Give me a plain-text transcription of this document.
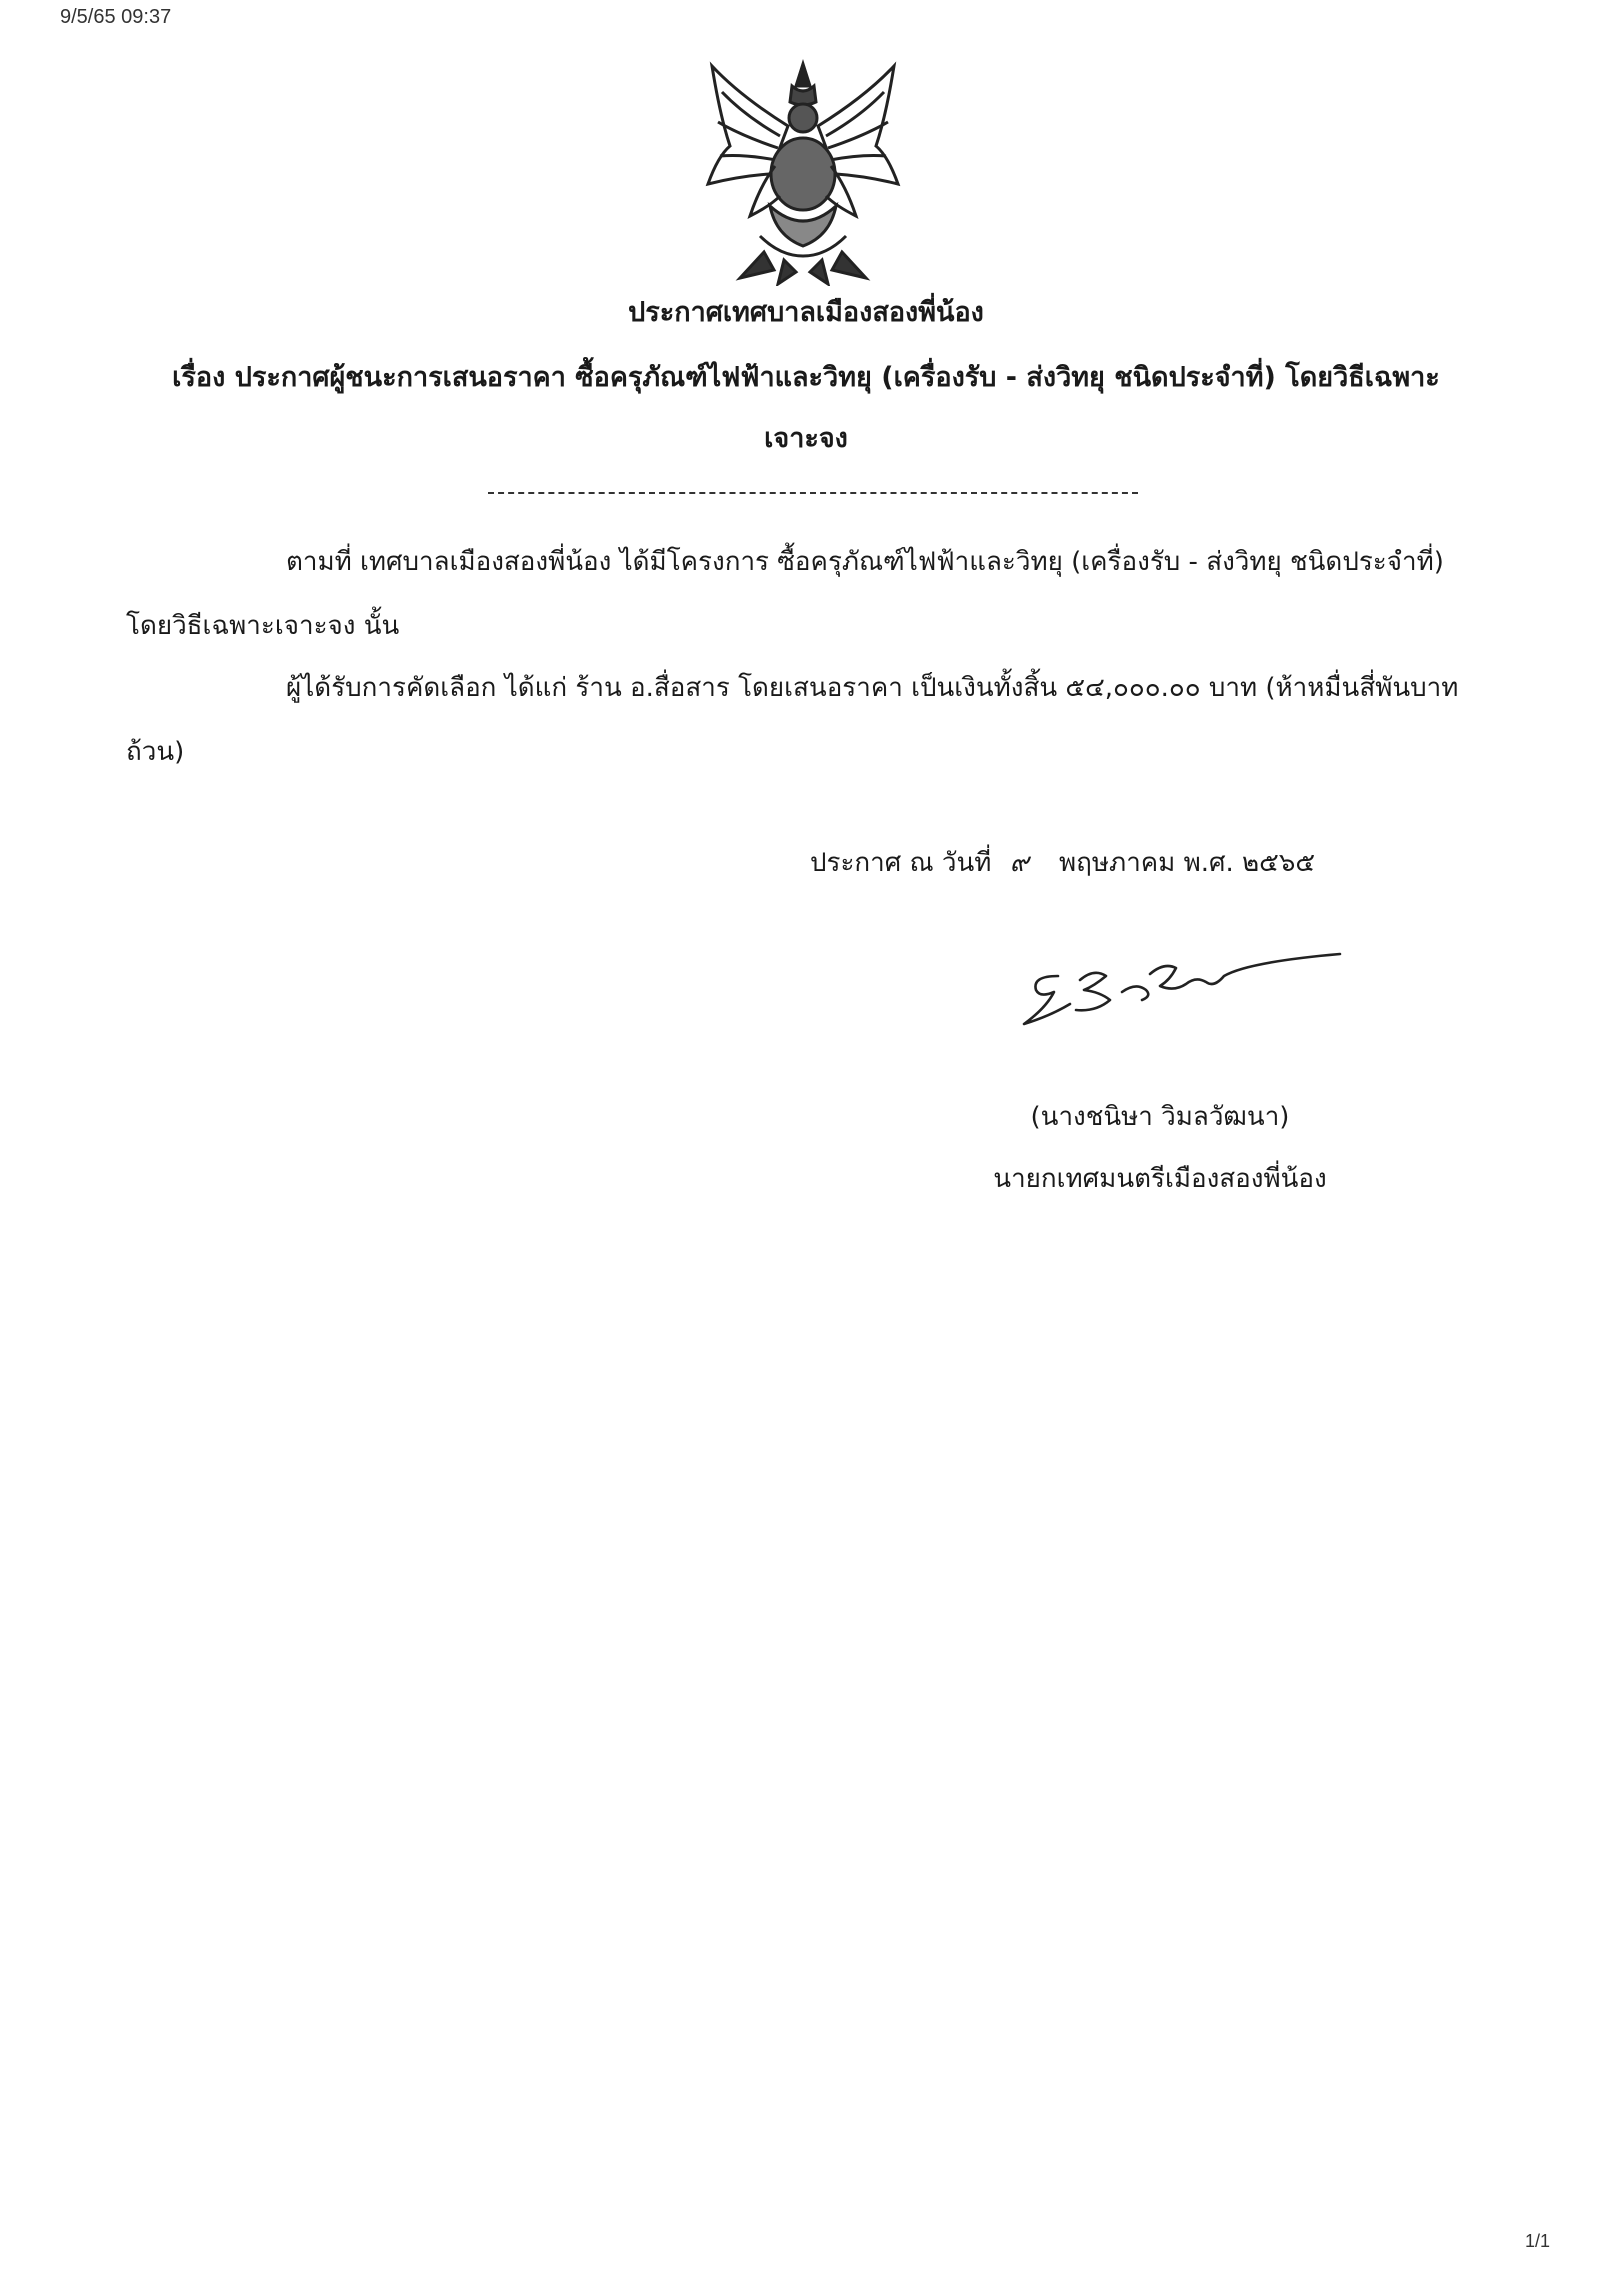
9/5/65 09:37
ประกาศเทศบาลเมืองสองพี่น้อง
เรื่อง ประกาศผู้ชนะการเสนอราคา ซื้อครุภัณฑ์ไฟฟ้าและวิทยุ (เครื่องรับ - ส่งวิทยุ ชนิดประจำที่) โดยวิธีเฉพาะ
เจาะจง
ตามที่ เทศบาลเมืองสองพี่น้อง ได้มีโครงการ ซื้อครุภัณฑ์ไฟฟ้าและวิทยุ (เครื่องรับ - ส่งวิทยุ ชนิดประจำที่) โดยวิธีเฉพาะเจาะจง นั้น
ผู้ได้รับการคัดเลือก ได้แก่ ร้าน อ.สื่อสาร โดยเสนอราคา เป็นเงินทั้งสิ้น ๕๔,๐๐๐.๐๐ บาท (ห้าหมื่นสี่พันบาทถ้วน)
ประกาศ ณ วันที่ ๙ พฤษภาคม พ.ศ. ๒๕๖๕
(นางชนิษา วิมลวัฒนา)
นายกเทศมนตรีเมืองสองพี่น้อง
1/1
